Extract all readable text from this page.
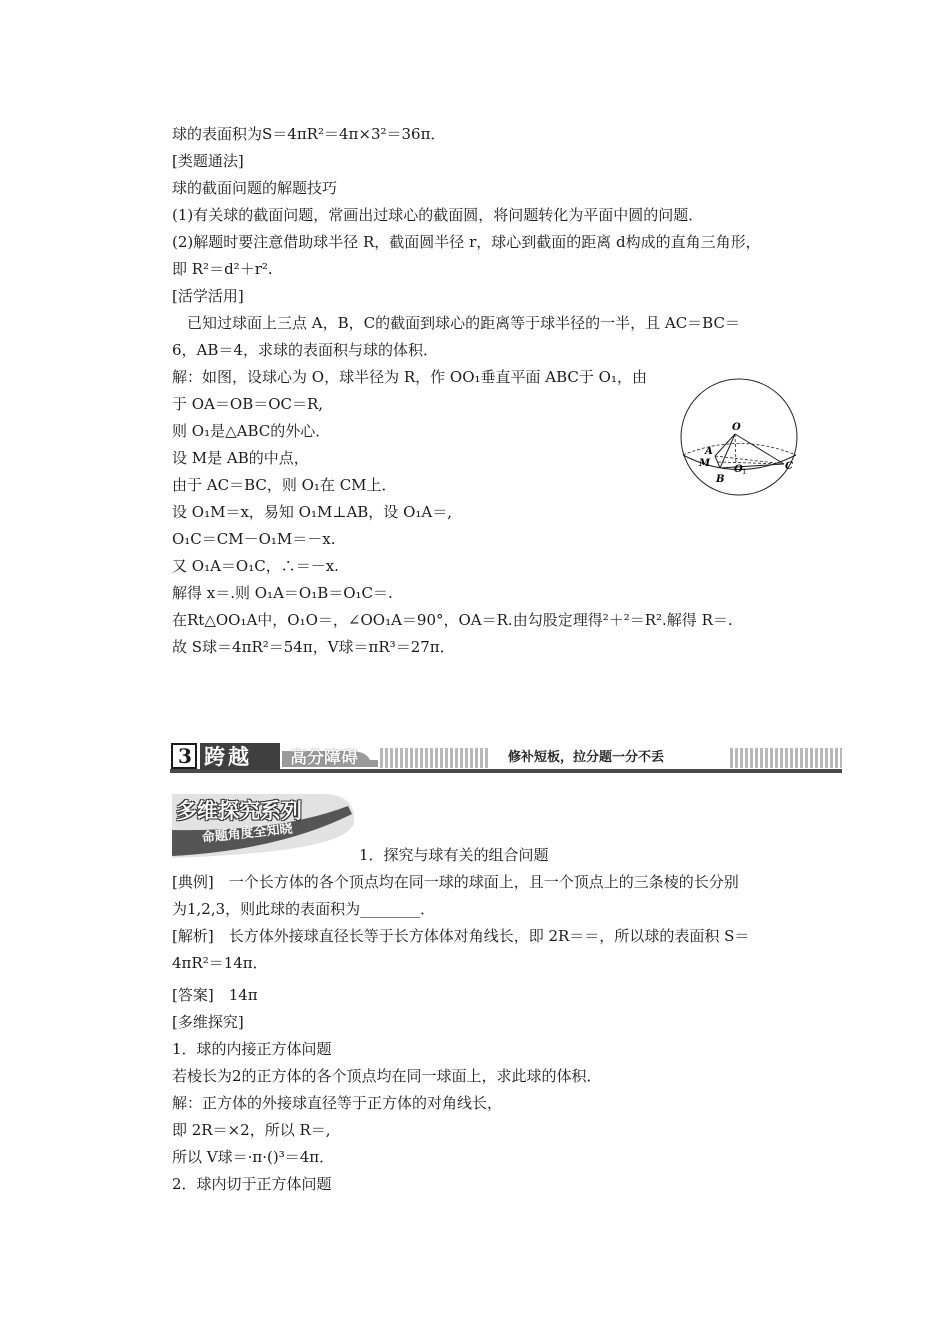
球的表面积为S＝4πR²＝4π×3²＝36π．
[类题通法]
球的截面问题的解题技巧
(1)有关球的截面问题，常画出过球心的截面圆，将问题转化为平面中圆的问题．
(2)解题时要注意借助球半径 R，截面圆半径 r，球心到截面的距离 d构成的直角三角形，
即 R²＝d²＋r².
[活学活用]
　已知过球面上三点 A，B，C的截面到球心的距离等于球半径的一半，且 AC＝BC＝
6，AB＝4，求球的表面积与球的体积．
解：如图，设球心为 O，球半径为 R，作 OO₁垂直平面 ABC于 O₁，由
于 OA＝OB＝OC＝R,
则 O₁是△ABC的外心．
设 M是 AB的中点，
由于 AC＝BC，则 O₁在 CM上．
设 O₁M＝x，易知 O₁M⊥AB，设 O₁A＝,
O₁C＝CM－O₁M＝－x.
又 O₁A＝O₁C，∴＝－x.
解得 x＝.则 O₁A＝O₁B＝O₁C＝.
在Rt△OO₁A中，O₁O＝，∠OO₁A＝90°，OA＝R.由勾股定理得²＋²＝R².解得 R＝.
故 S球＝4πR²＝54π，V球＝πR³＝27π．
O
A
M
O 1
B
C
3 跨越 高分障碍	修补短板，拉分题一分不丢
多维探究系列
命题角度全知晓
1．探究与球有关的组合问题
[典例]　一个长方体的各个顶点均在同一球的球面上，且一个顶点上的三条棱的长分别
为1,2,3，则此球的表面积为________．
[解析]　长方体外接球直径长等于长方体体对角线长，即 2R＝＝，所以球的表面积 S＝
4πR²＝14π．
[答案]　14π
[多维探究]
1．球的内接正方体问题
若棱长为2的正方体的各个顶点均在同一球面上，求此球的体积．
解：正方体的外接球直径等于正方体的对角线长，
即 2R＝×2，所以 R＝,
所以 V球＝·π·()³＝4π．
2．球内切于正方体问题
